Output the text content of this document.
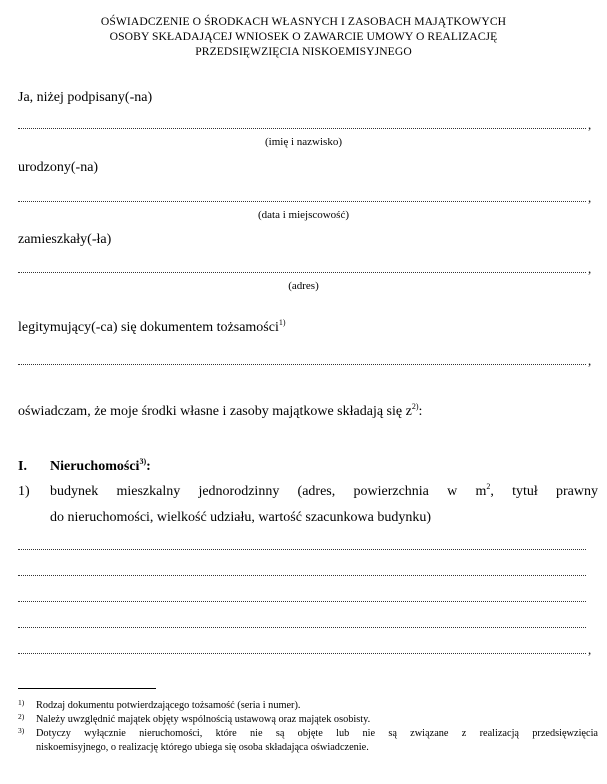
OŚWIADCZENIE O ŚRODKACH WŁASNYCH I ZASOBACH MAJĄTKOWYCH
OSOBY SKŁADAJĄCEJ WNIOSEK O ZAWARCIE UMOWY O REALIZACJĘ
PRZEDSIĘWZIĘCIA NISKOEMISYJNEGO
Ja, niżej podpisany(-na)
,
(imię i nazwisko)
urodzony(-na)
,
(data i miejscowość)
zamieszkały(-ła)
,
(adres)
legitymujący(-ca) się dokumentem tożsamości$^{1)}$
,
oświadczam, że moje środki własne i zasoby majątkowe składają się $z^{2)}$:
I. Nieruchomości$^{3)}$:
1) budynek mieszkalny jednorodzinny (adres, powierzchnia w $m^2$, tytuł prawny
do nieruchomości, wielkość udziału, wartość szacunkowa budynku)
,
1) Rodzaj dokumentu potwierdzającego tożsamość (seria i numer).
2) Należy uwzględnić majątek objęty wspólnością ustawową oraz majątek osobisty.
3) Dotyczy wyłącznie nieruchomości, które nie są objęte lub nie są związane z realizacją przedsięwzięcia
niskoemisyjnego, o realizację którego ubiega się osoba składająca oświadczenie.
